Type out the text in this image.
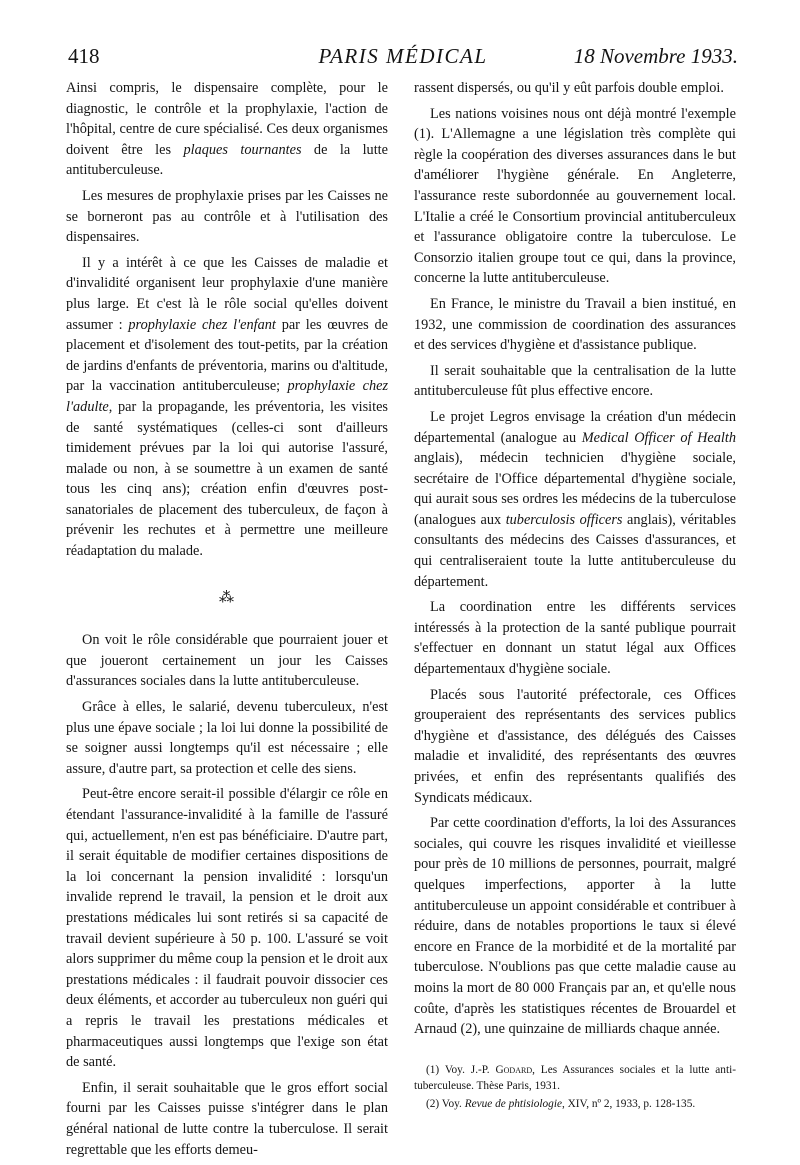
418	PARIS MÉDICAL	18 Novembre 1933.

Ainsi compris, le dispensaire complète, pour le diagnostic, le contrôle et la prophylaxie, l'action de l'hôpital, centre de cure spécialisé. Ces deux organismes doivent être les plaques tournantes de la lutte antituberculeuse.

Les mesures de prophylaxie prises par les Caisses ne se borneront pas au contrôle et à l'utilisation des dispensaires.

Il y a intérêt à ce que les Caisses de maladie et d'invalidité organisent leur prophylaxie d'une manière plus large. Et c'est là le rôle social qu'elles doivent assumer : prophylaxie chez l'enfant par les œuvres de placement et d'isolement des tout-petits, par la création de jardins d'enfants de préventoria, marins ou d'altitude, par la vaccination antituberculeuse; prophylaxie chez l'adulte, par la propagande, les préventoria, les visites de santé systématiques (celles-ci sont d'ailleurs timidement prévues par la loi qui autorise l'assuré, malade ou non, à se soumettre à un examen de santé tous les cinq ans); création enfin d'œuvres post-sanatoriales de placement des tuberculeux, de façon à prévenir les rechutes et à permettre une meilleure réadaptation du malade.

⁂

On voit le rôle considérable que pourraient jouer et que joueront certainement un jour les Caisses d'assurances sociales dans la lutte antituberculeuse.

Grâce à elles, le salarié, devenu tuberculeux, n'est plus une épave sociale ; la loi lui donne la possibilité de se soigner aussi longtemps qu'il est nécessaire ; elle assure, d'autre part, sa protection et celle des siens.

Peut-être encore serait-il possible d'élargir ce rôle en étendant l'assurance-invalidité à la famille de l'assuré qui, actuellement, n'en est pas bénéficiaire. D'autre part, il serait équitable de modifier certaines dispositions de la loi concernant la pension invalidité : lorsqu'un invalide reprend le travail, la pension et le droit aux prestations médicales lui sont retirés si sa capacité de travail devient supérieure à 50 p. 100. L'assuré se voit alors supprimer du même coup la pension et le droit aux prestations médicales : il faudrait pouvoir dissocier ces deux éléments, et accorder au tuberculeux non guéri qui a repris le travail les prestations médicales et pharmaceutiques aussi longtemps que l'exige son état de santé.

Enfin, il serait souhaitable que le gros effort social fourni par les Caisses puisse s'intégrer dans le plan général national de lutte contre la tuberculose. Il serait regrettable que les efforts demeu-

rassent dispersés, ou qu'il y eût parfois double emploi.

Les nations voisines nous ont déjà montré l'exemple (1). L'Allemagne a une législation très complète qui règle la coopération des diverses assurances dans le but d'améliorer l'hygiène générale. En Angleterre, l'assurance reste subordonnée au gouvernement local. L'Italie a créé le Consortium provincial antituberculeux et l'assurance obligatoire contre la tuberculose. Le Consorzio italien groupe tout ce qui, dans la province, concerne la lutte antituberculeuse.

En France, le ministre du Travail a bien institué, en 1932, une commission de coordination des assurances et des services d'hygiène et d'assistance publique.

Il serait souhaitable que la centralisation de la lutte antituberculeuse fût plus effective encore.

Le projet Legros envisage la création d'un médecin départemental (analogue au Medical Officer of Health anglais), médecin technicien d'hygiène sociale, secrétaire de l'Office départemental d'hygiène sociale, qui aurait sous ses ordres les médecins de la tuberculose (analogues aux tuberculosis officers anglais), véritables consultants des médecins des Caisses d'assurances, et qui centraliseraient toute la lutte antituberculeuse du département.

La coordination entre les différents services intéressés à la protection de la santé publique pourrait s'effectuer en donnant un statut légal aux Offices départementaux d'hygiène sociale.

Placés sous l'autorité préfectorale, ces Offices grouperaient des représentants des services publics d'hygiène et d'assistance, des délégués des Caisses maladie et invalidité, des représentants des œuvres privées, et enfin des représentants qualifiés des Syndicats médicaux.

Par cette coordination d'efforts, la loi des Assurances sociales, qui couvre les risques invalidité et vieillesse pour près de 10 millions de personnes, pourrait, malgré quelques imperfections, apporter à la lutte antituberculeuse un appoint considérable et contribuer à réduire, dans de notables proportions le taux si élevé encore en France de la morbidité et de la mortalité par tuberculose. N'oublions pas que cette maladie cause au moins la mort de 80 000 Français par an, et qu'elle nous coûte, d'après les statistiques récentes de Brouardel et Arnaud (2), une quinzaine de milliards chaque année.

(1) Voy. J.-P. Godard, Les Assurances sociales et la lutte anti-tuberculeuse. Thèse Paris, 1931.

(2) Voy. Revue de phtisiologie, XIV, nº 2, 1933, p. 128-135.
